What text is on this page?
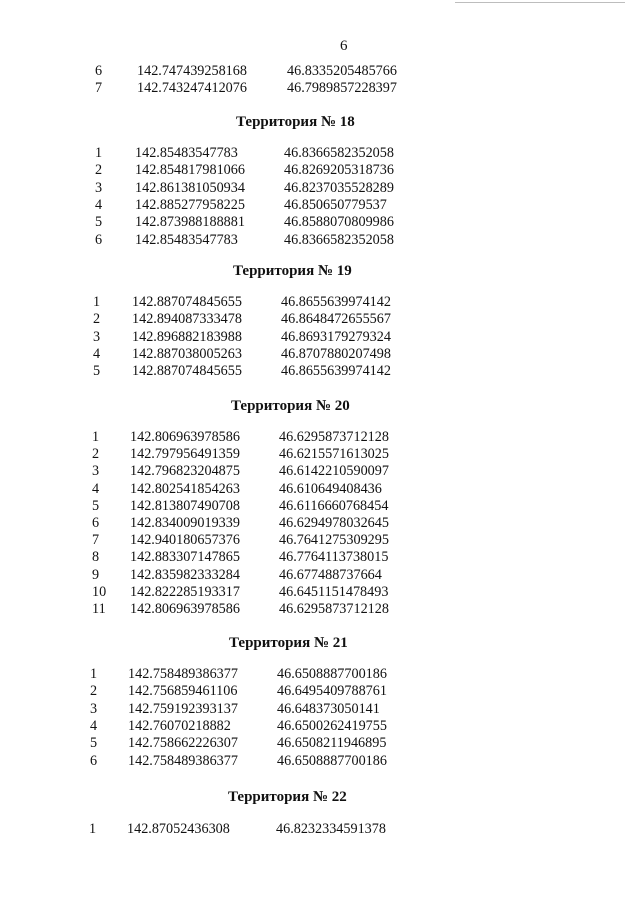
6
6 142.747439258168	46.8335205485766
7 142.743247412076	46.7989857228397
Территория № 18
1 142.85483547783	46.8366582352058
2 142.854817981066	46.8269205318736
3 142.861381050934	46.8237035528289
4 142.885277958225	46.850650779537
5 142.873988188881	46.8588070809986
6 142.85483547783	46.8366582352058
Территория № 19
1 142.887074845655	46.8655639974142
2 142.894087333478	46.8648472655567
3 142.896882183988	46.8693179279324
4 142.887038005263	46.8707880207498
5 142.887074845655	46.8655639974142
Территория № 20
1 142.806963978586	46.6295873712128
2 142.797956491359	46.6215571613025
3 142.796823204875	46.6142210590097
4 142.802541854263	46.610649408436
5 142.813807490708	46.6116660768454
6 142.834009019339	46.6294978032645
7 142.940180657376	46.7641275309295
8 142.883307147865	46.7764113738015
9 142.835982333284	46.677488737664
10 142.822285193317	46.6451151478493
11 142.806963978586	46.6295873712128
Территория № 21
1 142.758489386377	46.6508887700186
2 142.756859461106	46.6495409788761
3 142.759192393137	46.648373050141
4 142.76070218882	46.6500262419755
5 142.758662226307	46.6508211946895
6 142.758489386377	46.6508887700186
Территория № 22
1 142.87052436308	46.8232334591378
